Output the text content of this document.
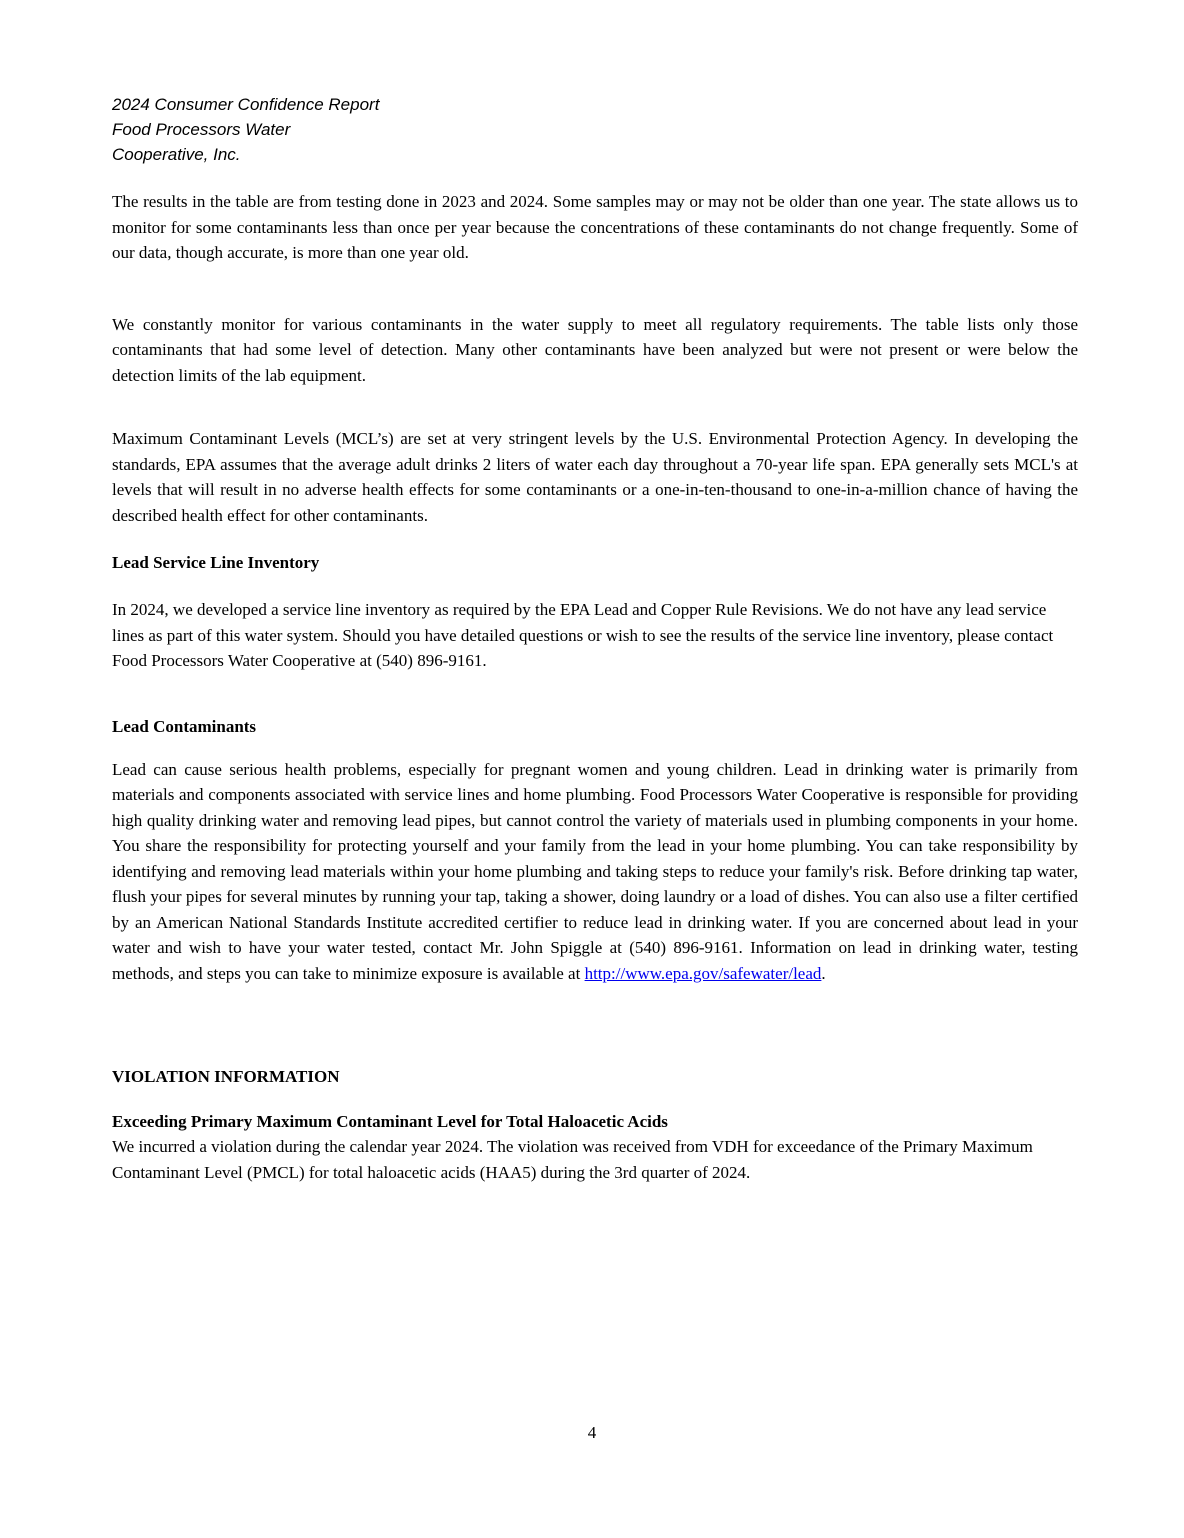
2024 Consumer Confidence Report
Food Processors Water
Cooperative, Inc.

The results in the table are from testing done in 2023 and 2024. Some samples may or may not be older than one year. The state allows us to monitor for some contaminants less than once per year because the concentrations of these contaminants do not change frequently. Some of our data, though accurate, is more than one year old.

We constantly monitor for various contaminants in the water supply to meet all regulatory requirements. The table lists only those contaminants that had some level of detection. Many other contaminants have been analyzed but were not present or were below the detection limits of the lab equipment.

Maximum Contaminant Levels (MCL’s) are set at very stringent levels by the U.S. Environmental Protection Agency. In developing the standards, EPA assumes that the average adult drinks 2 liters of water each day throughout a 70-year life span. EPA generally sets MCL's at levels that will result in no adverse health effects for some contaminants or a one-in-ten-thousand to one-in-a-million chance of having the described health effect for other contaminants.

Lead Service Line Inventory

In 2024, we developed a service line inventory as required by the EPA Lead and Copper Rule Revisions. We do not have any lead service lines as part of this water system. Should you have detailed questions or wish to see the results of the service line inventory, please contact Food Processors Water Cooperative at (540) 896-9161.

Lead Contaminants

Lead can cause serious health problems, especially for pregnant women and young children. Lead in drinking water is primarily from materials and components associated with service lines and home plumbing. Food Processors Water Cooperative is responsible for providing high quality drinking water and removing lead pipes, but cannot control the variety of materials used in plumbing components in your home. You share the responsibility for protecting yourself and your family from the lead in your home plumbing. You can take responsibility by identifying and removing lead materials within your home plumbing and taking steps to reduce your family's risk. Before drinking tap water, flush your pipes for several minutes by running your tap, taking a shower, doing laundry or a load of dishes. You can also use a filter certified by an American National Standards Institute accredited certifier to reduce lead in drinking water. If you are concerned about lead in your water and wish to have your water tested, contact Mr. John Spiggle at (540) 896-9161. Information on lead in drinking water, testing methods, and steps you can take to minimize exposure is available at http://www.epa.gov/safewater/lead.

VIOLATION INFORMATION
Exceeding Primary Maximum Contaminant Level for Total Haloacetic Acids

We incurred a violation during the calendar year 2024. The violation was received from VDH for exceedance of the Primary Maximum Contaminant Level (PMCL) for total haloacetic acids (HAA5) during the 3rd quarter of 2024.

4
